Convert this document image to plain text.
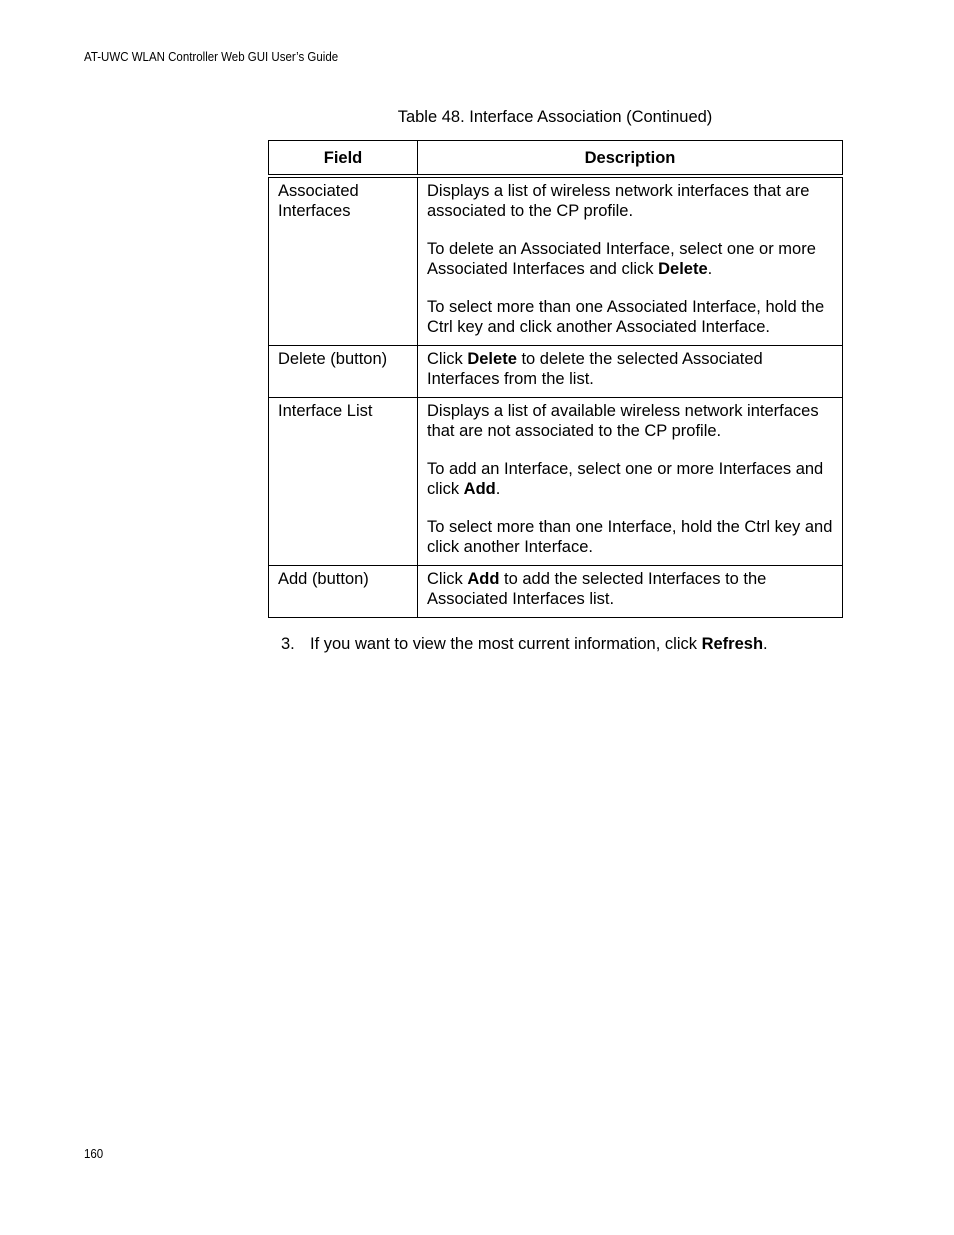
AT-UWC WLAN Controller Web GUI User’s Guide
Table 48. Interface Association (Continued)
Field	Description
Associated Interfaces	Displays a list of wireless network interfaces that are associated to the CP profile.

To delete an Associated Interface, select one or more Associated Interfaces and click Delete.

To select more than one Associated Interface, hold the Ctrl key and click another Associated Interface.

Delete (button)	Click Delete to delete the selected Associated Interfaces from the list.

Interface List	Displays a list of available wireless network interfaces that are not associated to the CP profile.

To add an Interface, select one or more Interfaces and click Add.

To select more than one Interface, hold the Ctrl key and click another Interface.

Add (button)	Click Add to add the selected Interfaces to the Associated Interfaces list.

3. If you want to view the most current information, click Refresh.
160
